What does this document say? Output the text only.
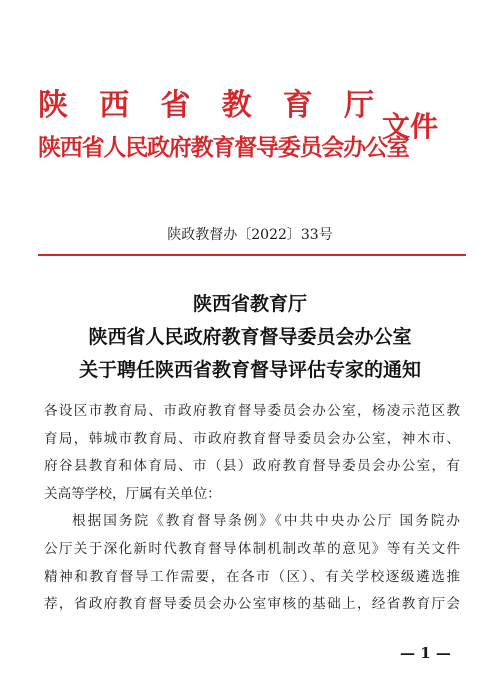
陕 西 省 教 育 厅
陕西省人民政府教育督导委员会办公室
文件
陕政教督办〔2022〕33号
陕西省教育厅
陕西省人民政府教育督导委员会办公室
关于聘任陕西省教育督导评估专家的通知
各设区市教育局、市政府教育督导委员会办公室，杨凌示范区教
育局，韩城市教育局、市政府教育督导委员会办公室，神木市、
府谷县教育和体育局、市（县）政府教育督导委员会办公室，有
关高等学校，厅属有关单位：
根据国务院《教育督导条例》《中共中央办公厅 国务院办
公厅关于深化新时代教育督导体制机制改革的意见》等有关文件
精神和教育督导工作需要，在各市（区）、有关学校逐级遴选推
荐，省政府教育督导委员会办公室审核的基础上，经省教育厅会
— 1 —
